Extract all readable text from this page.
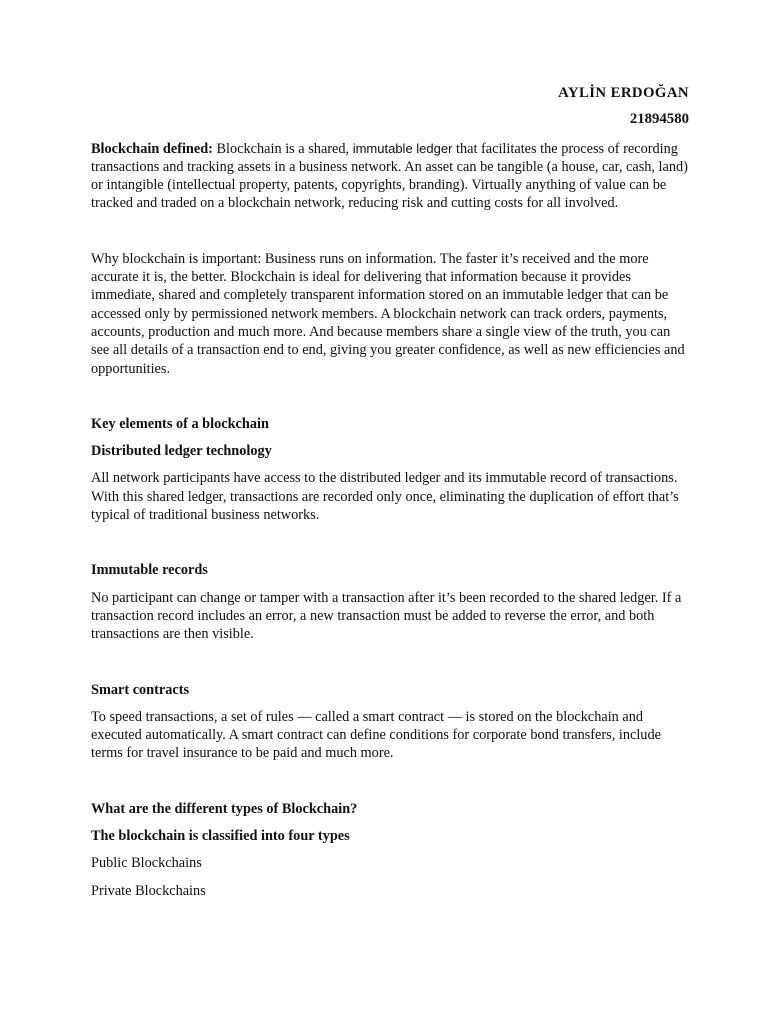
AYLİN ERDOĞAN
21894580

Blockchain defined: Blockchain is a shared, immutable ledger that facilitates the process of recording transactions and tracking assets in a business network. An asset can be tangible (a house, car, cash, land) or intangible (intellectual property, patents, copyrights, branding). Virtually anything of value can be tracked and traded on a blockchain network, reducing risk and cutting costs for all involved.

Why blockchain is important: Business runs on information. The faster it’s received and the more accurate it is, the better. Blockchain is ideal for delivering that information because it provides immediate, shared and completely transparent information stored on an immutable ledger that can be accessed only by permissioned network members. A blockchain network can track orders, payments, accounts, production and much more. And because members share a single view of the truth, you can see all details of a transaction end to end, giving you greater confidence, as well as new efficiencies and opportunities.

Key elements of a blockchain

Distributed ledger technology

All network participants have access to the distributed ledger and its immutable record of transactions. With this shared ledger, transactions are recorded only once, eliminating the duplication of effort that’s typical of traditional business networks.

Immutable records

No participant can change or tamper with a transaction after it’s been recorded to the shared ledger. If a transaction record includes an error, a new transaction must be added to reverse the error, and both transactions are then visible.

Smart contracts

To speed transactions, a set of rules — called a smart contract — is stored on the blockchain and executed automatically. A smart contract can define conditions for corporate bond transfers, include terms for travel insurance to be paid and much more.

What are the different types of Blockchain?

The blockchain is classified into four types

Public Blockchains

Private Blockchains
